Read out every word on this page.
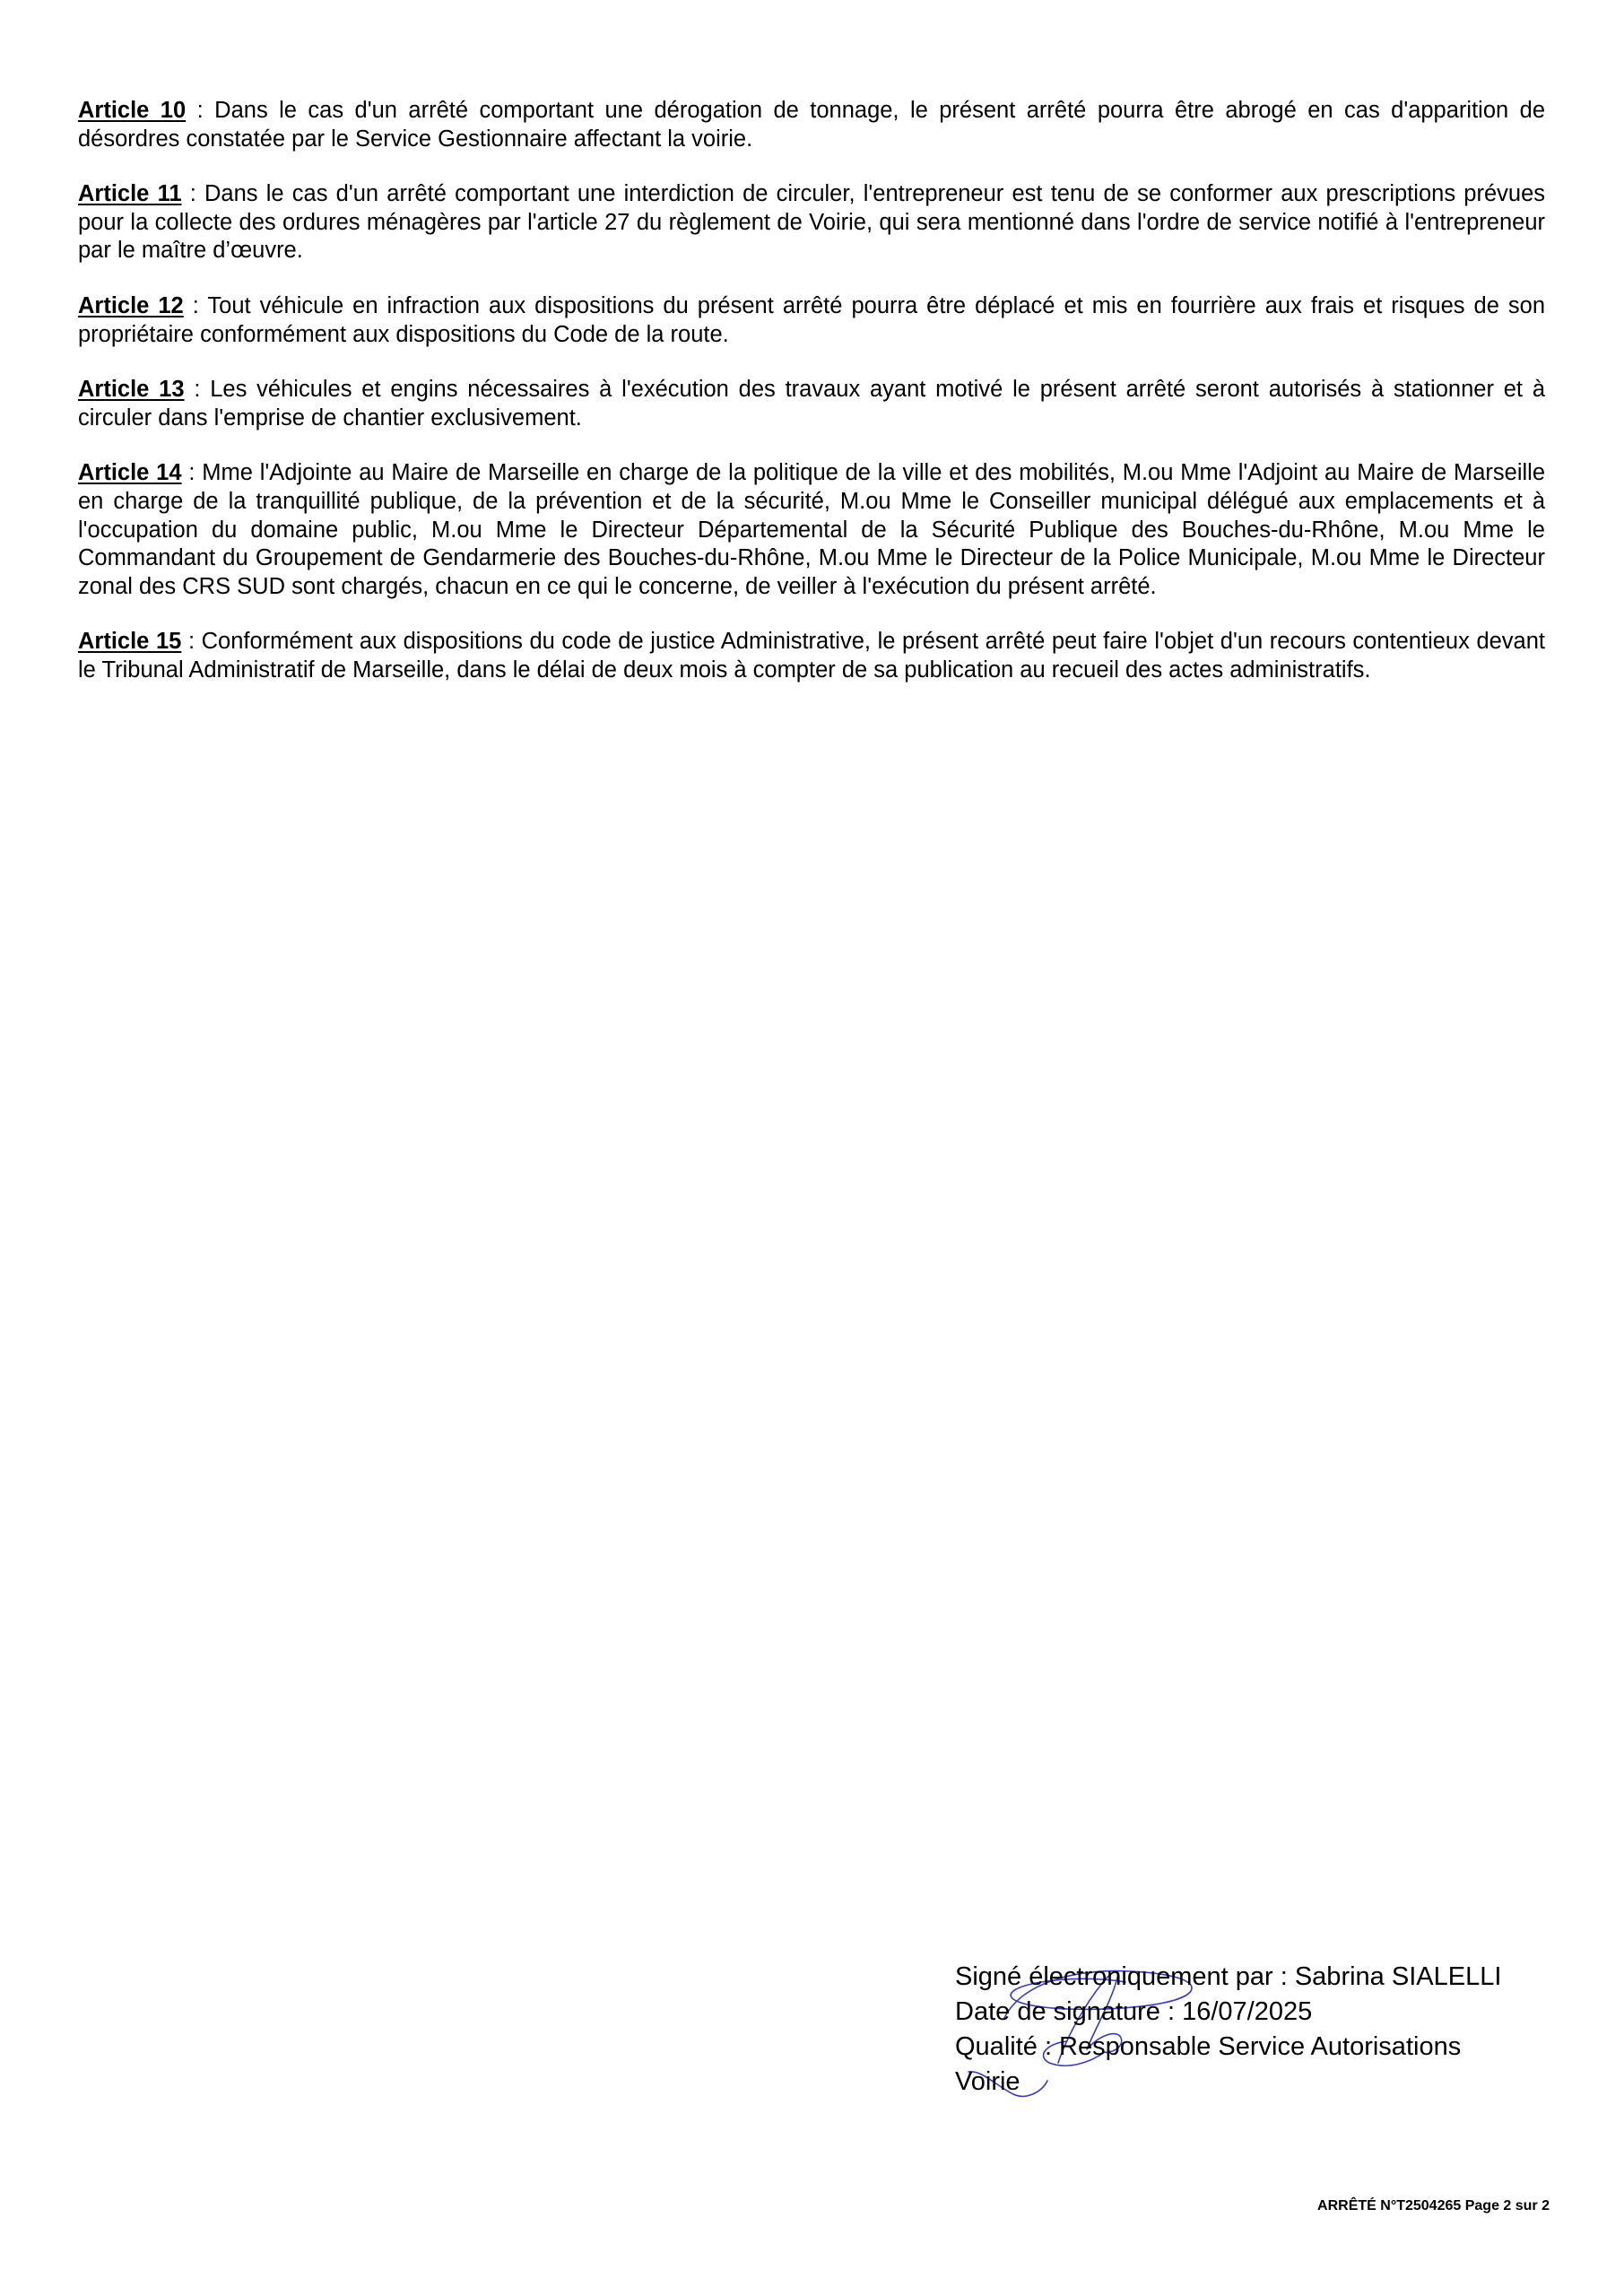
Article 10 : Dans le cas d'un arrêté comportant une dérogation de tonnage, le présent arrêté pourra être abrogé en cas d'apparition de désordres constatée par le Service Gestionnaire affectant la voirie.

Article 11 : Dans le cas d'un arrêté comportant une interdiction de circuler, l'entrepreneur est tenu de se conformer aux prescriptions prévues pour la collecte des ordures ménagères par l'article 27 du règlement de Voirie, qui sera mentionné dans l'ordre de service notifié à l'entrepreneur par le maître d’œuvre.

Article 12 : Tout véhicule en infraction aux dispositions du présent arrêté pourra être déplacé et mis en fourrière aux frais et risques de son propriétaire conformément aux dispositions du Code de la route.

Article 13 : Les véhicules et engins nécessaires à l'exécution des travaux ayant motivé le présent arrêté seront autorisés à stationner et à circuler dans l'emprise de chantier exclusivement.

Article 14 : Mme l'Adjointe au Maire de Marseille en charge de la politique de la ville et des mobilités, M.ou Mme l'Adjoint au Maire de Marseille en charge de la tranquillité publique, de la prévention et de la sécurité, M.ou Mme le Conseiller municipal délégué aux emplacements et à l'occupation du domaine public, M.ou Mme le Directeur Départemental de la Sécurité Publique des Bouches-du-Rhône, M.ou Mme le Commandant du Groupement de Gendarmerie des Bouches-du-Rhône, M.ou Mme le Directeur de la Police Municipale, M.ou Mme le Directeur zonal des CRS SUD sont chargés, chacun en ce qui le concerne, de veiller à l'exécution du présent arrêté.

Article 15 : Conformément aux dispositions du code de justice Administrative, le présent arrêté peut faire l'objet d'un recours contentieux devant le Tribunal Administratif de Marseille, dans le délai de deux mois à compter de sa publication au recueil des actes administratifs.

Signé électroniquement par : Sabrina SIALELLI
Date de signature : 16/07/2025
Qualité : Responsable Service Autorisations
Voirie
ARRÊTÉ N°T2504265 Page 2 sur 2
